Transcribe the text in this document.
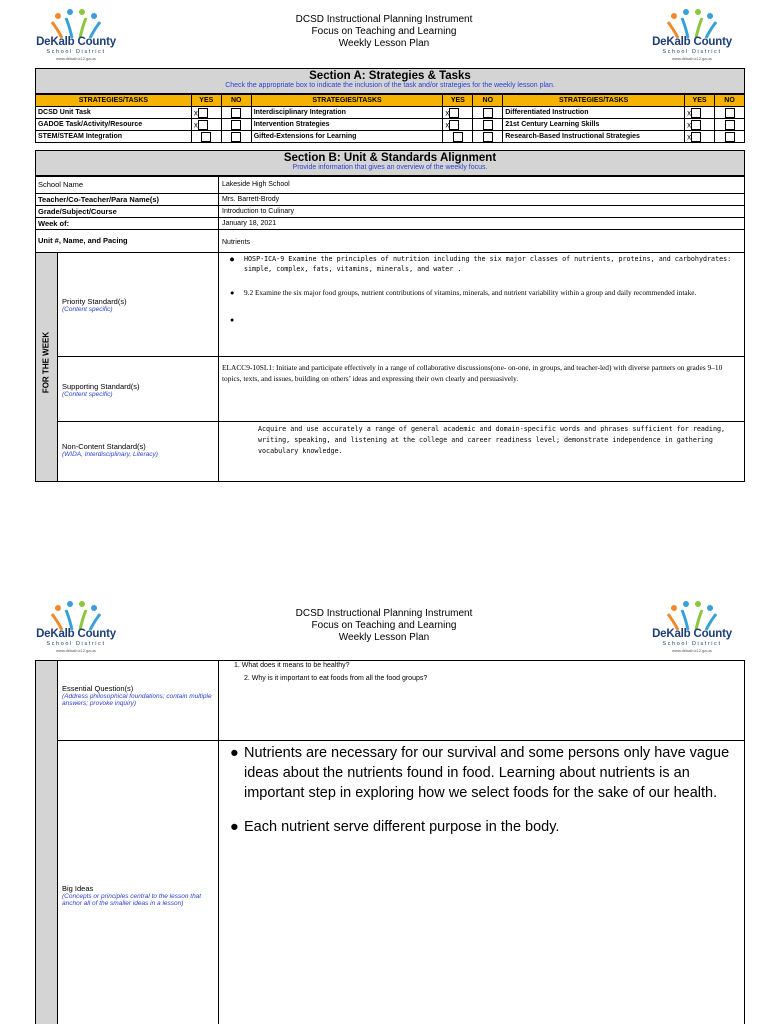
DeKalb County
School District
www.dekalb.k12.ga.us
DCSD Instructional Planning Instrument
Focus on Teaching and Learning
Weekly Lesson Plan	DeKalb County
School District
www.dekalb.k12.ga.us
Section A: Strategies & Tasks
Check the appropriate box to indicate the inclusion of the task and/or strategies for the weekly lesson plan.
STRATEGIES/TASKS	YES	NO	STRATEGIES/TASKS	YES	NO	STRATEGIES/TASKS	YES	NO
DCSD Unit Task	x		Interdisciplinary Integration	x		Differentiated Instruction	x	
GADOE Task/Activity/Resource	x		Intervention Strategies	x		21st Century Learning Skills	x	
STEM/STEAM Integration			Gifted-Extensions for Learning			Research-Based Instructional Strategies	x	
Section B: Unit & Standards Alignment
Provide information that gives an overview of the weekly focus.
School Name	Lakeside High School
Teacher/Co-Teacher/Para Name(s)	Mrs. Barrett-Brody
Grade/Subject/Course	Introduction to Culinary
Week of:	January 18, 2021
Unit #, Name, and Pacing	Nutrients
FOR THE WEEK
Priority Standard(s)
(Content specific)
● HOSP-ICA-9 Examine the principles of nutrition including the six major classes of nutrients, proteins, and carbohydrates: simple, complex, fats, vitamins, minerals, and water .
● 9.2 Examine the six major food groups, nutrient contributions of vitamins, minerals, and nutrient variability within a group and daily recommended intake.
●
Supporting Standard(s)
(Content specific)
ELACC9-10SL1: Initiate and participate effectively in a range of collaborative discussions(one- on-one, in groups, and teacher-led) with diverse partners on grades 9–10 topics, texts, and issues, building on others’ ideas and expressing their own clearly and persuasively.
Non-Content Standard(s)
(WIDA, Interdisciplinary, Literacy)
Acquire and use accurately a range of general academic and domain-specific words and phrases sufficient for reading, writing, speaking, and listening at the college and career readiness level; demonstrate independence in gathering vocabulary knowledge.
DeKalb County
School District
www.dekalb.k12.ga.us
DCSD Instructional Planning Instrument
Focus on Teaching and Learning
Weekly Lesson Plan	DeKalb County
School District
www.dekalb.k12.ga.us
Essential Question(s)
(Address philosophical foundations; contain multiple answers; provoke inquiry)
1. What does it means to be healthy?
2. Why is it important to eat foods from all the food groups?
Big Ideas
(Concepts or principles central to the lesson that anchor all of the smaller ideas in a lesson)
● Nutrients are necessary for our survival and some persons only have vague ideas about the nutrients found in food. Learning about nutrients is an important step in exploring how we select foods for the sake of our health.
● Each nutrient serve different purpose in the body.
